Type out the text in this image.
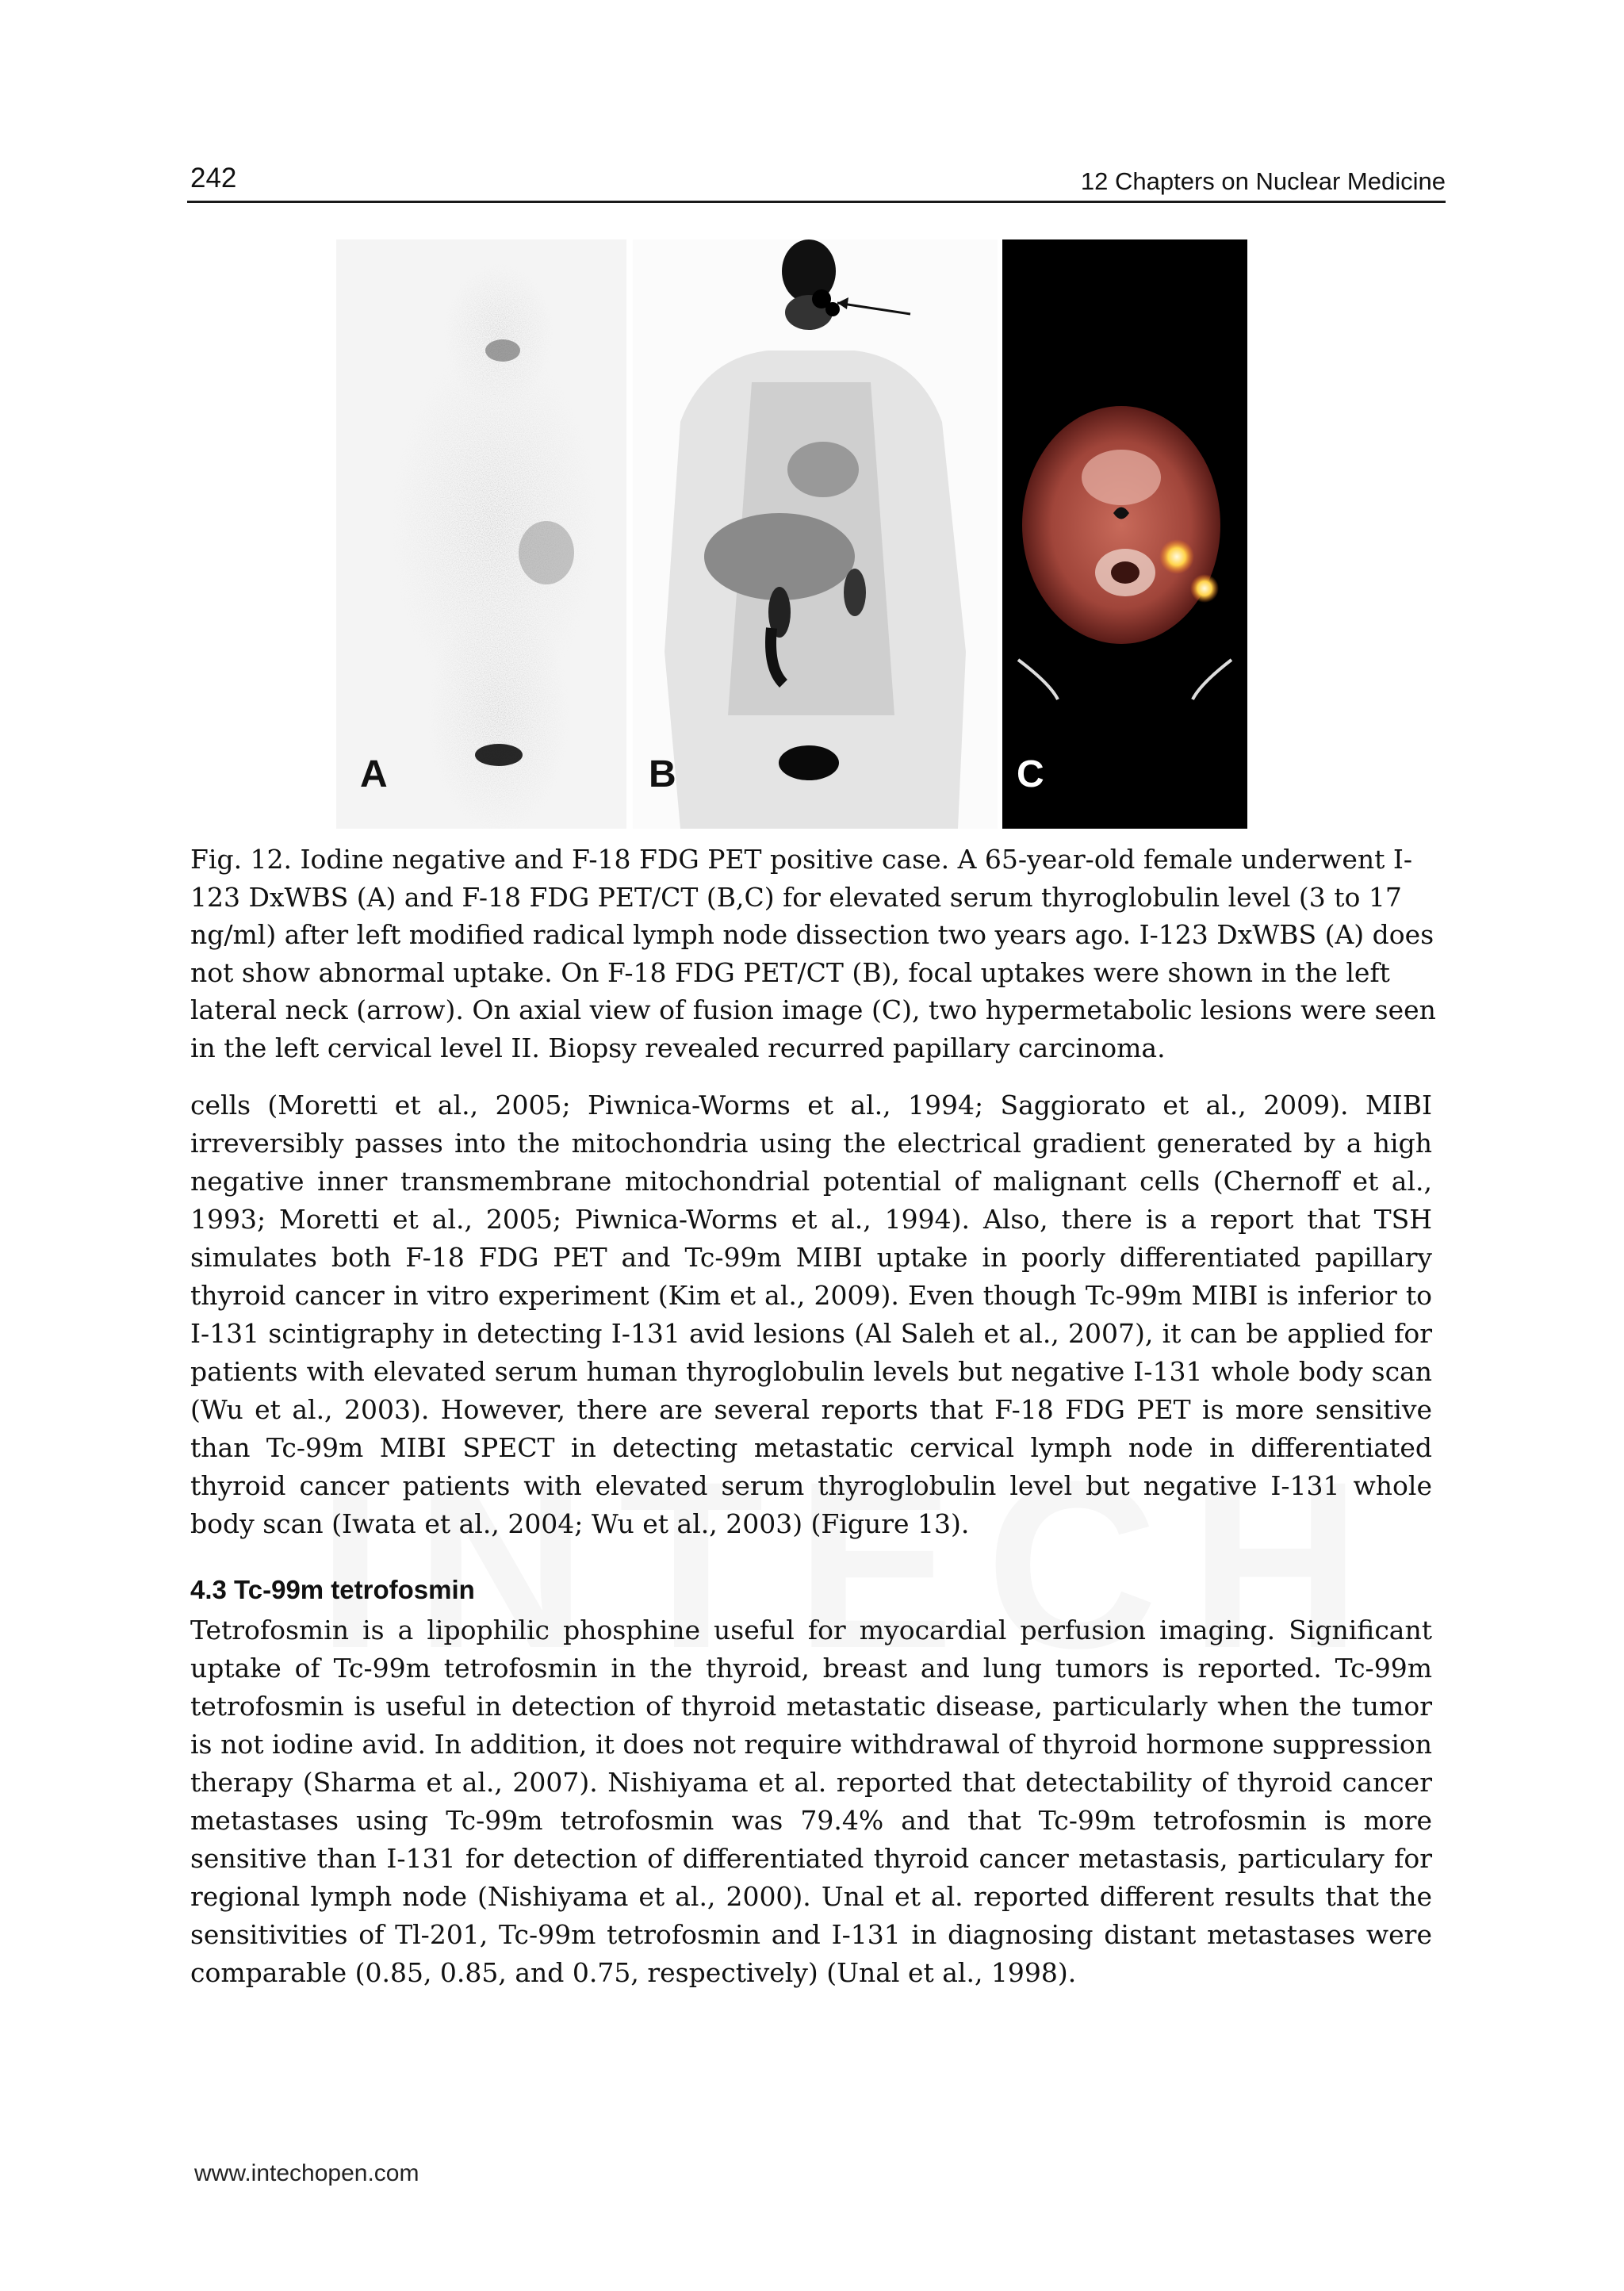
242	12 Chapters on Nuclear Medicine
A	B	C
Fig. 12. Iodine negative and F-18 FDG PET positive case. A 65-year-old female underwent I-123 DxWBS (A) and F-18 FDG PET/CT (B,C) for elevated serum thyroglobulin level (3 to 17 ng/ml) after left modified radical lymph node dissection two years ago. I-123 DxWBS (A) does not show abnormal uptake. On F-18 FDG PET/CT (B), focal uptakes were shown in the left lateral neck (arrow). On axial view of fusion image (C), two hypermetabolic lesions were seen in the left cervical level II. Biopsy revealed recurred papillary carcinoma.

cells (Moretti et al., 2005; Piwnica-Worms et al., 1994; Saggiorato et al., 2009). MIBI irreversibly passes into the mitochondria using the electrical gradient generated by a high negative inner transmembrane mitochondrial potential of malignant cells (Chernoff et al., 1993; Moretti et al., 2005; Piwnica-Worms et al., 1994). Also, there is a report that TSH simulates both F-18 FDG PET and Tc-99m MIBI uptake in poorly differentiated papillary thyroid cancer in vitro experiment (Kim et al., 2009). Even though Tc-99m MIBI is inferior to I-131 scintigraphy in detecting I-131 avid lesions (Al Saleh et al., 2007), it can be applied for patients with elevated serum human thyroglobulin levels but negative I-131 whole body scan (Wu et al., 2003). However, there are several reports that F-18 FDG PET is more sensitive than Tc-99m MIBI SPECT in detecting metastatic cervical lymph node in differentiated thyroid cancer patients with elevated serum thyroglobulin level but negative I-131 whole body scan (Iwata et al., 2004; Wu et al., 2003) (Figure 13).

4.3 Tc-99m tetrofosmin

Tetrofosmin is a lipophilic phosphine useful for myocardial perfusion imaging. Significant uptake of Tc-99m tetrofosmin in the thyroid, breast and lung tumors is reported. Tc-99m tetrofosmin is useful in detection of thyroid metastatic disease, particularly when the tumor is not iodine avid. In addition, it does not require withdrawal of thyroid hormone suppression therapy (Sharma et al., 2007). Nishiyama et al. reported that detectability of thyroid cancer metastases using Tc-99m tetrofosmin was 79.4% and that Tc-99m tetrofosmin is more sensitive than I-131 for detection of differentiated thyroid cancer metastasis, particulary for regional lymph node (Nishiyama et al., 2000). Unal et al. reported different results that the sensitivities of Tl-201, Tc-99m tetrofosmin and I-131 in diagnosing distant metastases were comparable (0.85, 0.85, and 0.75, respectively) (Unal et al., 1998).

www.intechopen.com
